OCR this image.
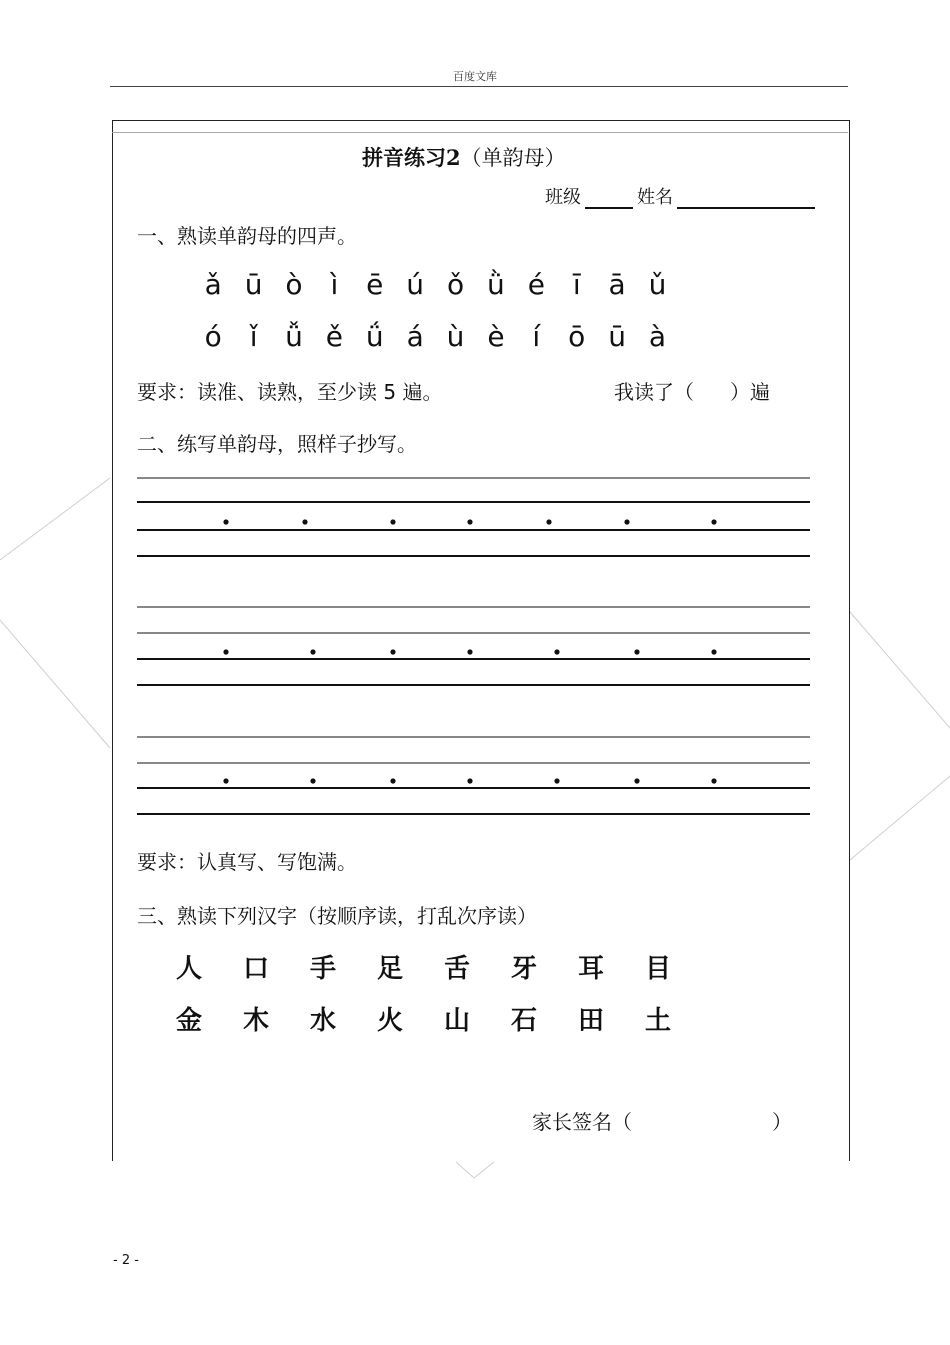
百度文库
拼音练习2（单韵母）
班级	姓名
一、熟读单韵母的四声。
ǎ ū ò ì ē ú ǒ ǜ é ī ā ǔ
ó ǐ ǚ ě ǘ á ù è í ō ū à
要求：读准、读熟，至少读 5 遍。	我读了（ ）遍
二、练写单韵母，照样子抄写。
要求：认真写、写饱满。
三、熟读下列汉字（按顺序读，打乱次序读）
人 口 手 足 舌 牙 耳 目
金 木 水 火 山 石 田 土
家长签名（	）
- 2 -
